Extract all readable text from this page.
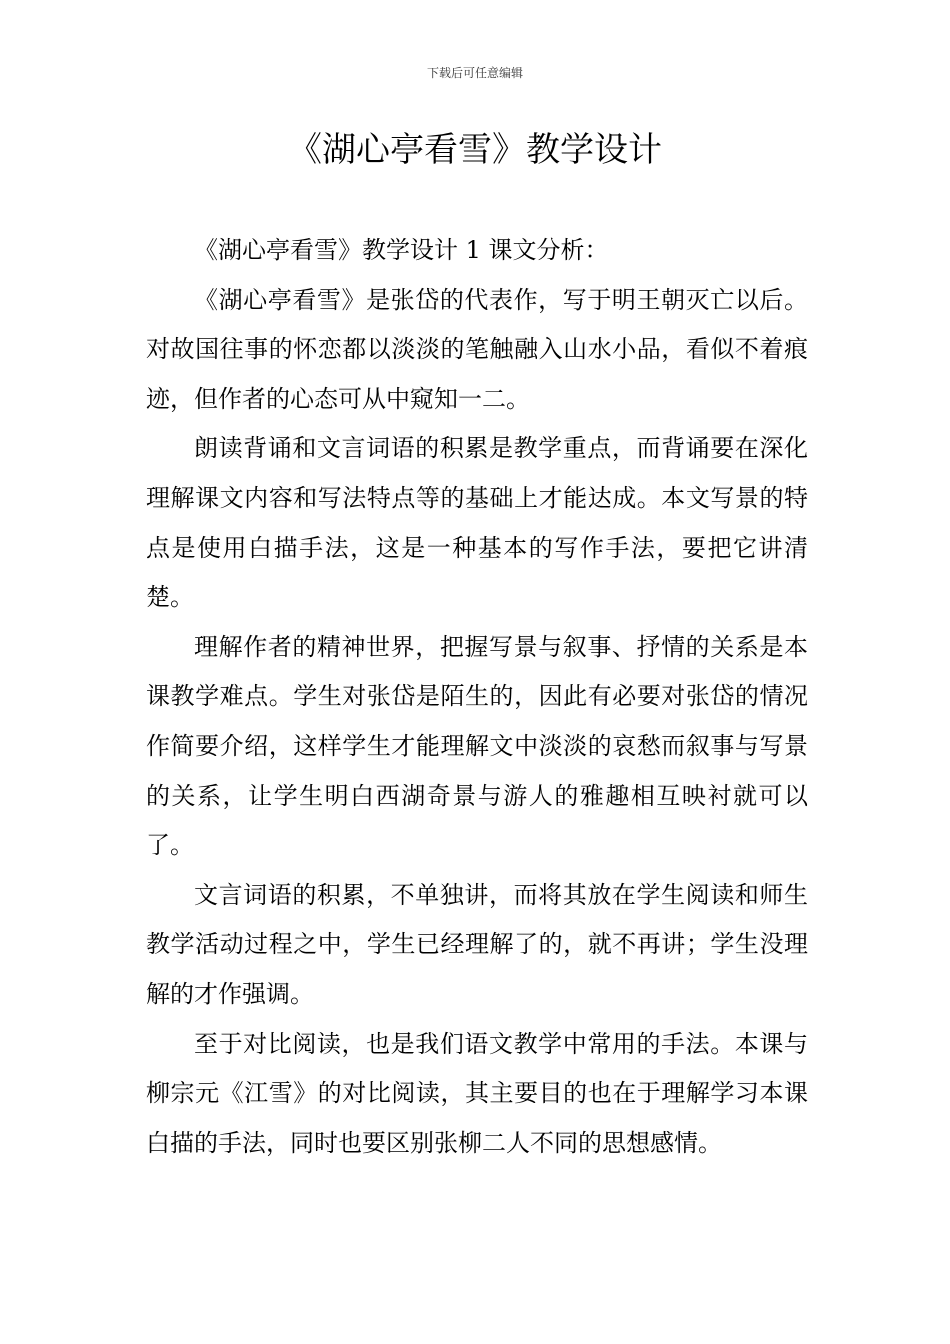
下载后可任意编辑
《湖心亭看雪》教学设计

《湖心亭看雪》教学设计 1 课文分析：

《湖心亭看雪》是张岱的代表作，写于明王朝灭亡以后。对故国往事的怀恋都以淡淡的笔触融入山水小品，看似不着痕迹，但作者的心态可从中窥知一二。

朗读背诵和文言词语的积累是教学重点，而背诵要在深化理解课文内容和写法特点等的基础上才能达成。本文写景的特点是使用白描手法，这是一种基本的写作手法，要把它讲清楚。

理解作者的精神世界，把握写景与叙事、抒情的关系是本课教学难点。学生对张岱是陌生的，因此有必要对张岱的情况作简要介绍，这样学生才能理解文中淡淡的哀愁而叙事与写景的关系，让学生明白西湖奇景与游人的雅趣相互映衬就可以了。

文言词语的积累，不单独讲，而将其放在学生阅读和师生教学活动过程之中，学生已经理解了的，就不再讲；学生没理解的才作强调。

至于对比阅读，也是我们语文教学中常用的手法。本课与柳宗元《江雪》的对比阅读，其主要目的也在于理解学习本课白描的手法，同时也要区别张柳二人不同的思想感情。
